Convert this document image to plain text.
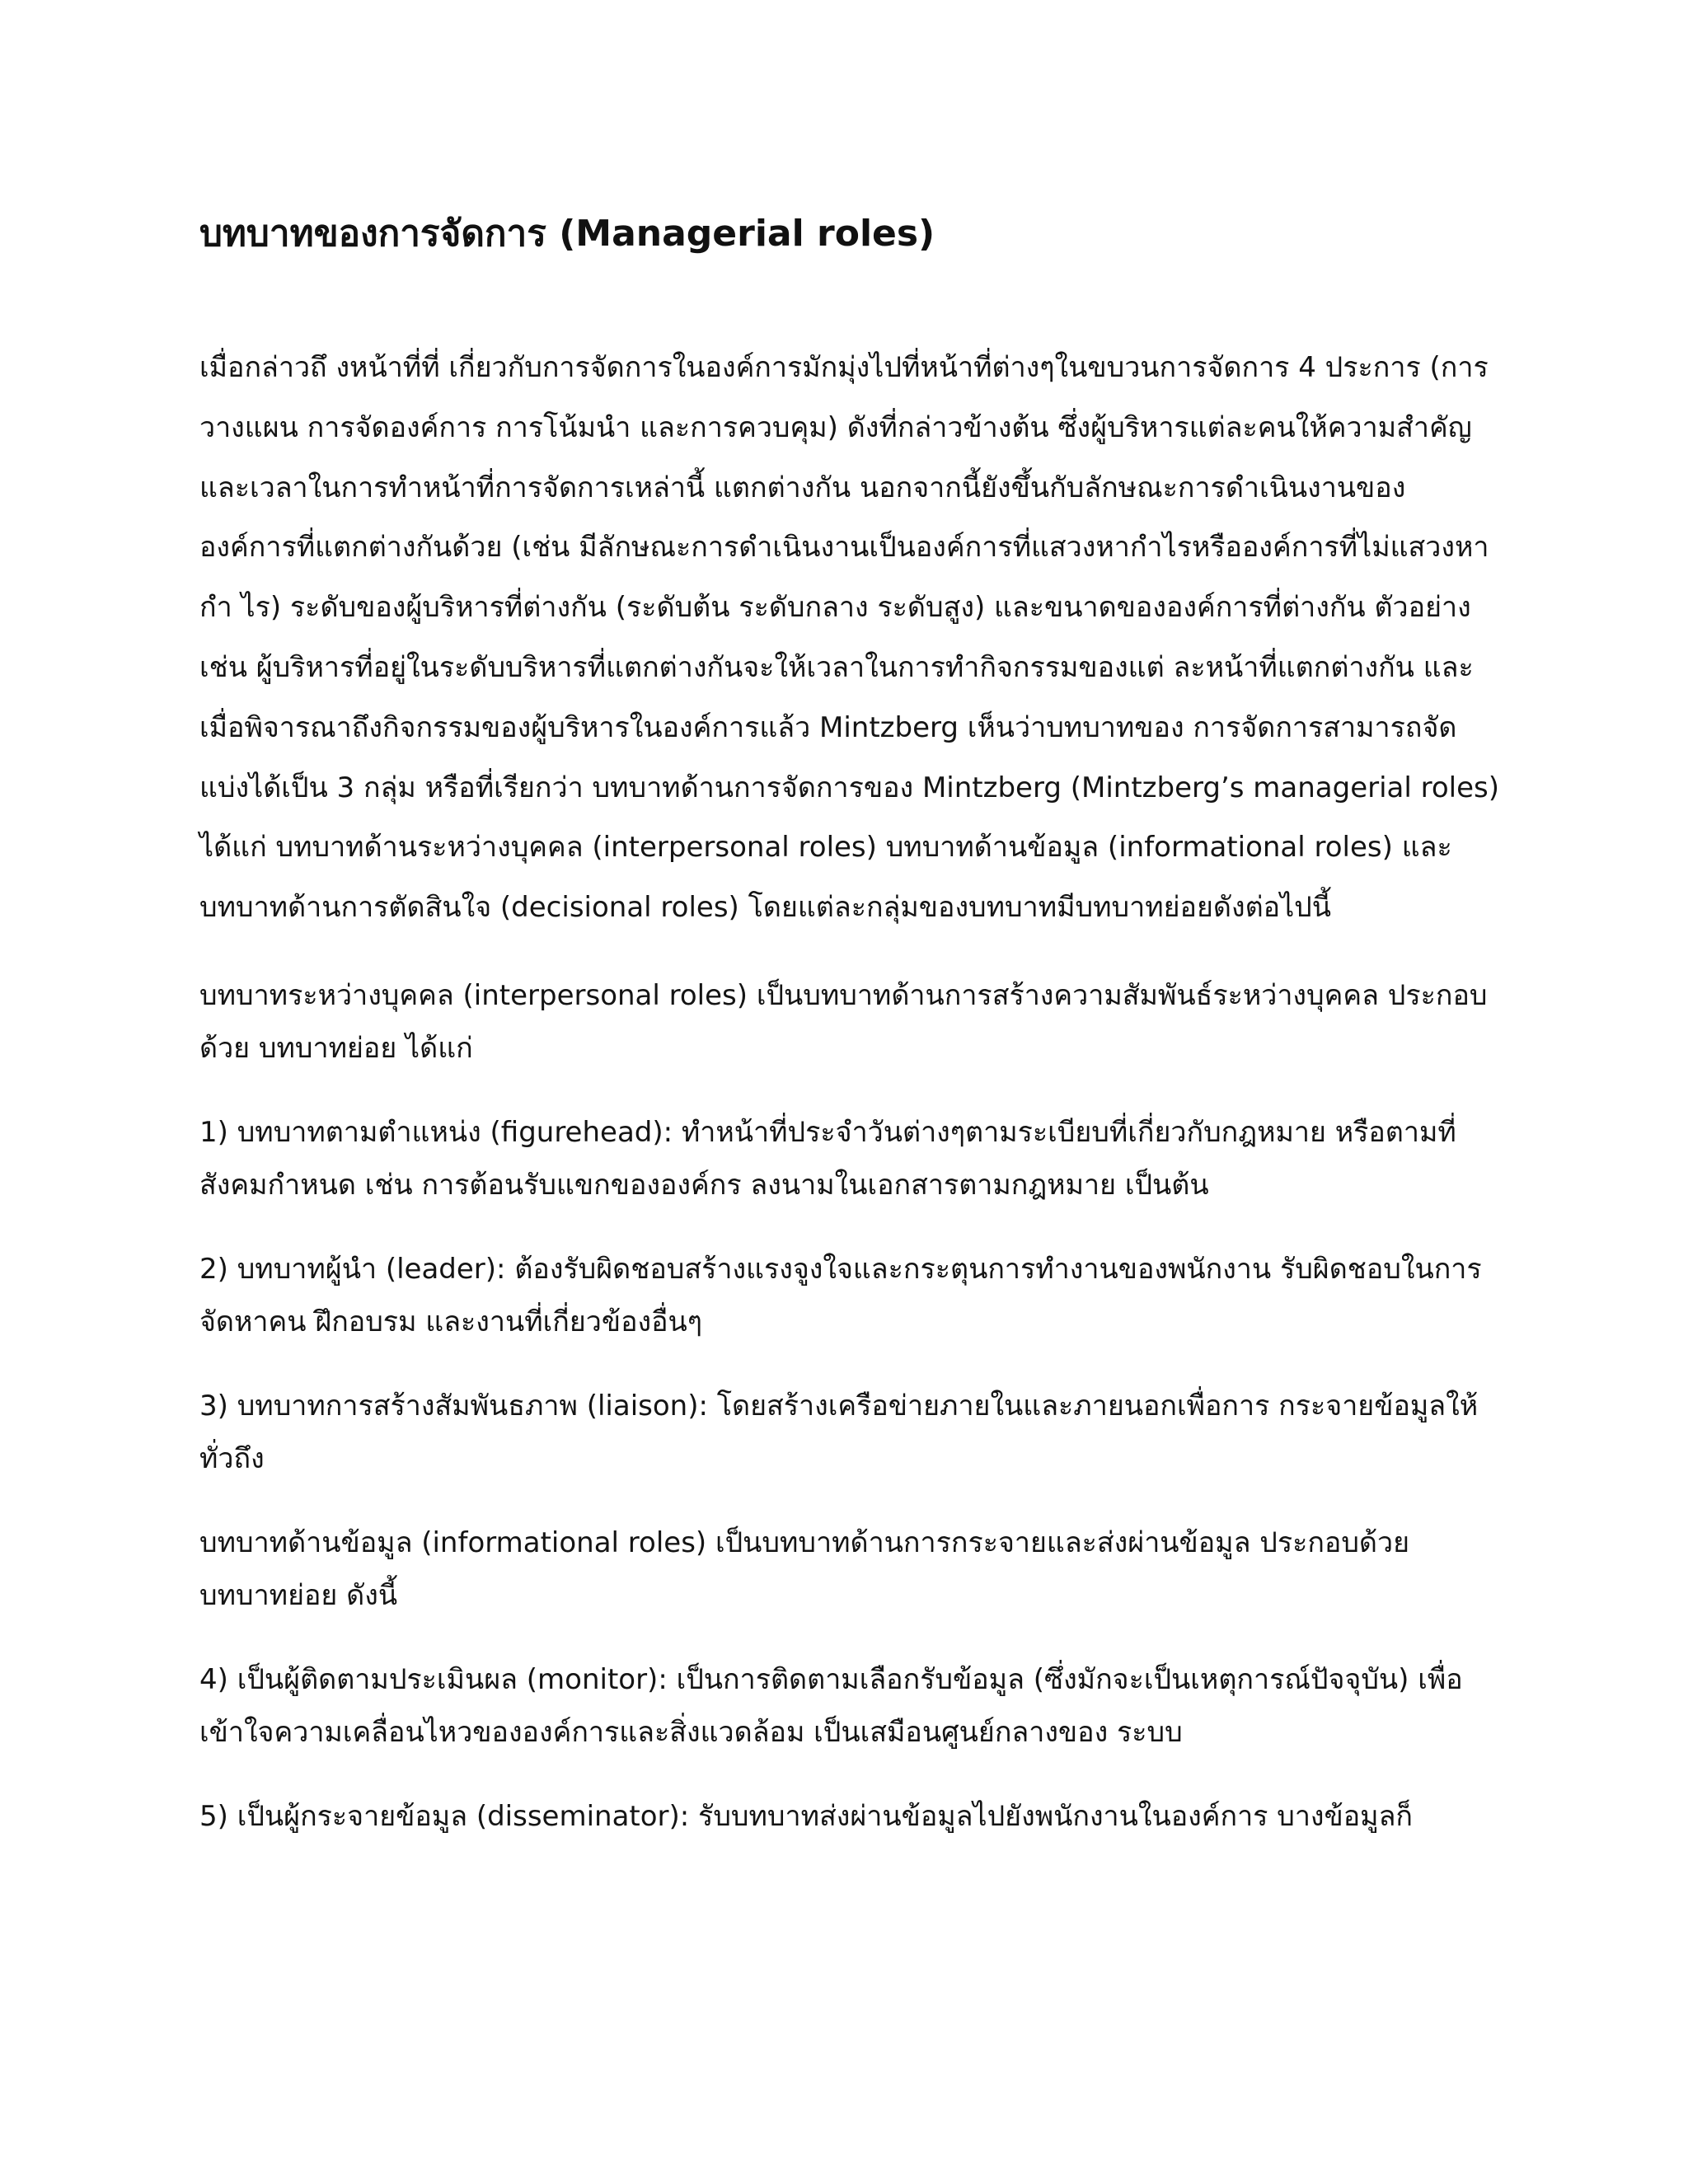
บทบาทของการจัดการ (Managerial roles)

เมื่อกล่าวถึ งหน้าที่ที่ เกี่ยวกับการจัดการในองค์การมักมุ่งไปที่หน้าที่ต่างๆในขบวนการจัดการ 4 ประการ (การวางแผน การจัดองค์การ การโน้มนำ และการควบคุม) ดังที่กล่าวข้างต้น ซึ่งผู้บริหารแต่ละคนให้ความสำคัญและเวลาในการทำหน้าที่การจัดการเหล่านี้ แตกต่างกัน นอกจากนี้ยังขึ้นกับลักษณะการดำเนินงานขององค์การที่แตกต่างกันด้วย (เช่น มีลักษณะการดำเนินงานเป็นองค์การที่แสวงหากำไรหรือองค์การที่ไม่แสวงหากำ ไร) ระดับของผู้บริหารที่ต่างกัน (ระดับต้น ระดับกลาง ระดับสูง) และขนาดขององค์การที่ต่างกัน ตัวอย่างเช่น ผู้บริหารที่อยู่ในระดับบริหารที่แตกต่างกันจะให้เวลาในการทำกิจกรรมของแต่ ละหน้าที่แตกต่างกัน และเมื่อพิจารณาถึงกิจกรรมของผู้บริหารในองค์การแล้ว Mintzberg เห็นว่าบทบาทของ การจัดการสามารถจัดแบ่งได้เป็น 3 กลุ่ม หรือที่เรียกว่า บทบาทด้านการจัดการของ Mintzberg (Mintzberg’s managerial roles) ได้แก่ บทบาทด้านระหว่างบุคคล (interpersonal roles) บทบาทด้านข้อมูล (informational roles) และบทบาทด้านการตัดสินใจ (decisional roles) โดยแต่ละกลุ่มของบทบาทมีบทบาทย่อยดังต่อไปนี้

บทบาทระหว่างบุคคล (interpersonal roles) เป็นบทบาทด้านการสร้างความสัมพันธ์ระหว่างบุคคล ประกอบด้วย บทบาทย่อย ได้แก่

1) บทบาทตามตำแหน่ง (figurehead): ทำหน้าที่ประจำวันต่างๆตามระเบียบที่เกี่ยวกับกฎหมาย หรือตามที่สังคมกำหนด เช่น การต้อนรับแขกขององค์กร ลงนามในเอกสารตามกฎหมาย เป็นต้น

2) บทบาทผู้นำ (leader): ต้องรับผิดชอบสร้างแรงจูงใจและกระตุนการทำงานของพนักงาน รับผิดชอบในการจัดหาคน ฝึกอบรม และงานที่เกี่ยวข้องอื่นๆ

3) บทบาทการสร้างสัมพันธภาพ (liaison): โดยสร้างเครือข่ายภายในและภายนอกเพื่อการ กระจายข้อมูลให้ทั่วถึง

บทบาทด้านข้อมูล (informational roles) เป็นบทบาทด้านการกระจายและส่งผ่านข้อมูล ประกอบด้วย บทบาทย่อย ดังนี้

4) เป็นผู้ติดตามประเมินผล (monitor): เป็นการติดตามเลือกรับข้อมูล (ซึ่งมักจะเป็นเหตุการณ์ปัจจุบัน) เพื่อเข้าใจความเคลื่อนไหวขององค์การและสิ่งแวดล้อม เป็นเสมือนศูนย์กลางของ ระบบ

5) เป็นผู้กระจายข้อมูล (disseminator): รับบทบาทส่งผ่านข้อมูลไปยังพนักงานในองค์การ บางข้อมูลก็
